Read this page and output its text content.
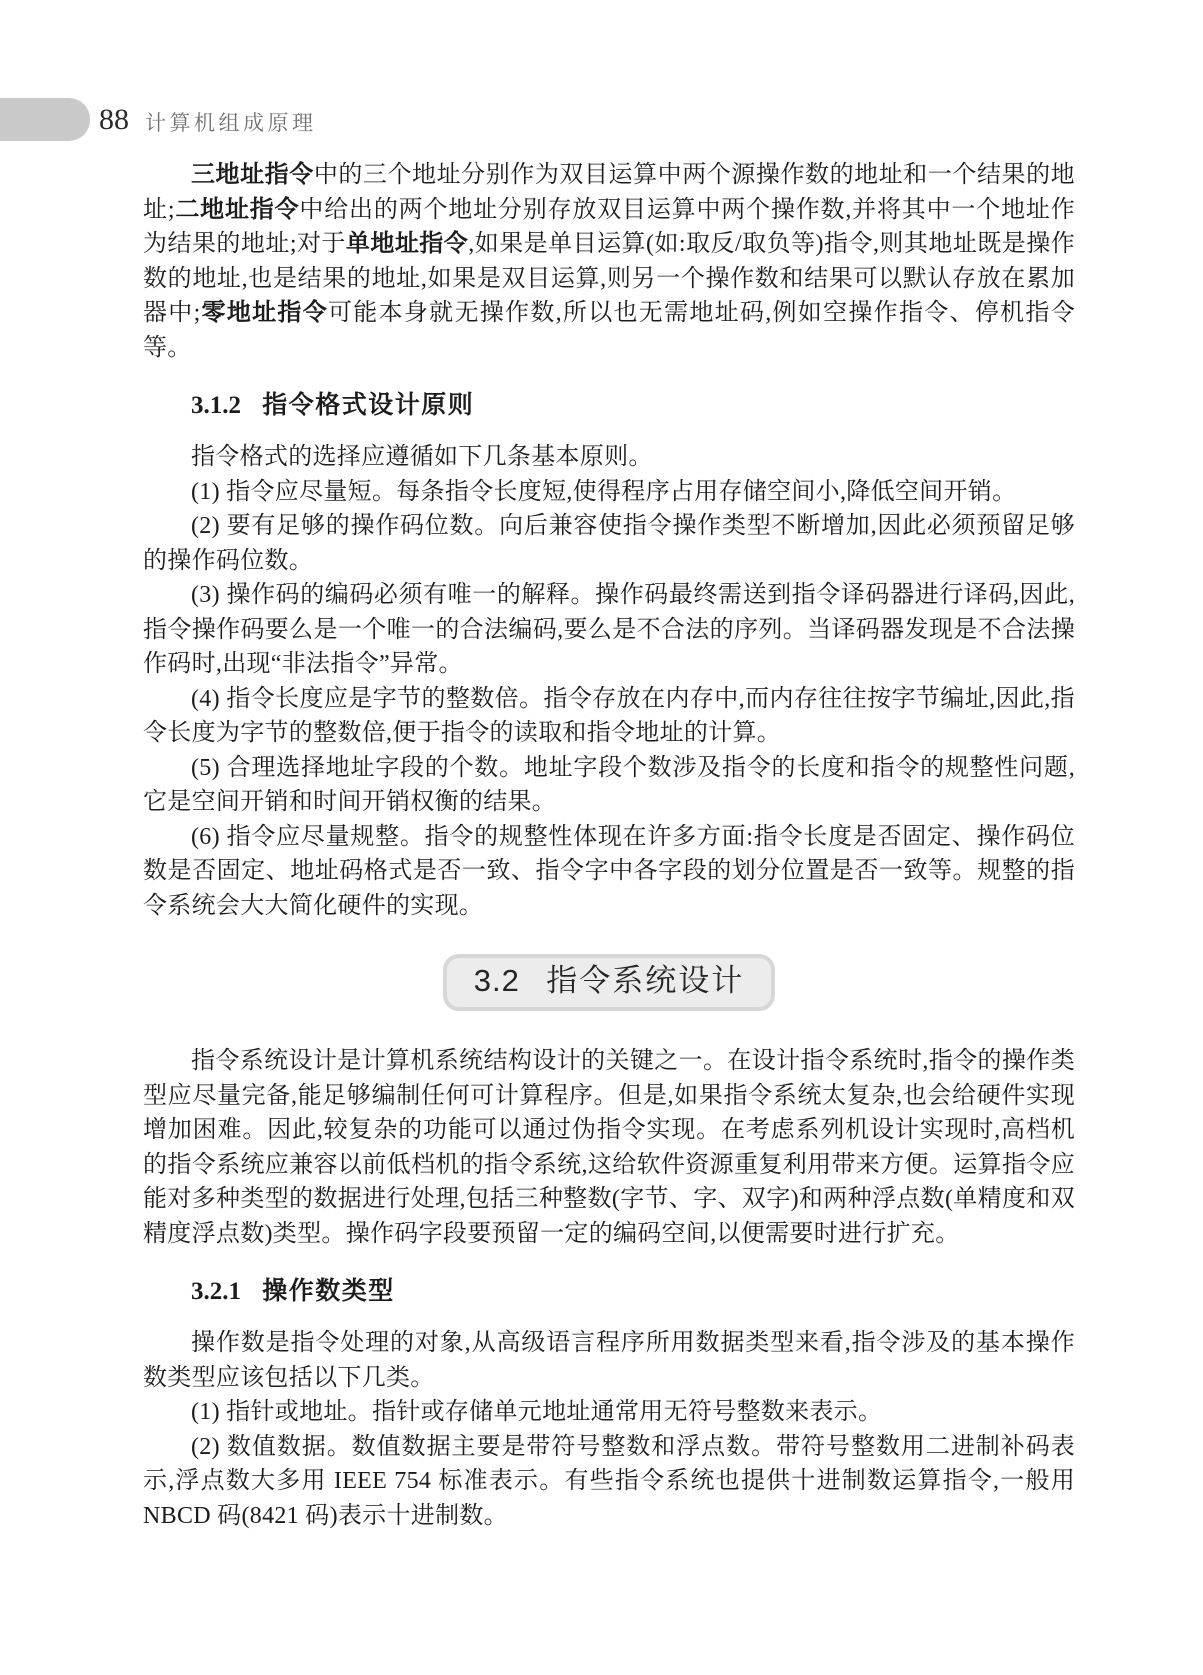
88 计算机组成原理

三地址指令中的三个地址分别作为双目运算中两个源操作数的地址和一个结果的地址;二地址指令中给出的两个地址分别存放双目运算中两个操作数,并将其中一个地址作为结果的地址;对于单地址指令,如果是单目运算(如:取反/取负等)指令,则其地址既是操作数的地址,也是结果的地址,如果是双目运算,则另一个操作数和结果可以默认存放在累加器中;零地址指令可能本身就无操作数,所以也无需地址码,例如空操作指令、停机指令等。

3.1.2 指令格式设计原则

指令格式的选择应遵循如下几条基本原则。

(1) 指令应尽量短。每条指令长度短,使得程序占用存储空间小,降低空间开销。

(2) 要有足够的操作码位数。向后兼容使指令操作类型不断增加,因此必须预留足够的操作码位数。

(3) 操作码的编码必须有唯一的解释。操作码最终需送到指令译码器进行译码,因此,指令操作码要么是一个唯一的合法编码,要么是不合法的序列。当译码器发现是不合法操作码时,出现“非法指令”异常。

(4) 指令长度应是字节的整数倍。指令存放在内存中,而内存往往按字节编址,因此,指令长度为字节的整数倍,便于指令的读取和指令地址的计算。

(5) 合理选择地址字段的个数。地址字段个数涉及指令的长度和指令的规整性问题,它是空间开销和时间开销权衡的结果。

(6) 指令应尽量规整。指令的规整性体现在许多方面:指令长度是否固定、操作码位数是否固定、地址码格式是否一致、指令字中各字段的划分位置是否一致等。规整的指令系统会大大简化硬件的实现。

3.2 指令系统设计

指令系统设计是计算机系统结构设计的关键之一。在设计指令系统时,指令的操作类型应尽量完备,能足够编制任何可计算程序。但是,如果指令系统太复杂,也会给硬件实现增加困难。因此,较复杂的功能可以通过伪指令实现。在考虑系列机设计实现时,高档机的指令系统应兼容以前低档机的指令系统,这给软件资源重复利用带来方便。运算指令应能对多种类型的数据进行处理,包括三种整数(字节、字、双字)和两种浮点数(单精度和双精度浮点数)类型。操作码字段要预留一定的编码空间,以便需要时进行扩充。

3.2.1 操作数类型

操作数是指令处理的对象,从高级语言程序所用数据类型来看,指令涉及的基本操作数类型应该包括以下几类。

(1) 指针或地址。指针或存储单元地址通常用无符号整数来表示。

(2) 数值数据。数值数据主要是带符号整数和浮点数。带符号整数用二进制补码表示,浮点数大多用 IEEE 754 标准表示。有些指令系统也提供十进制数运算指令,一般用 NBCD 码(8421 码)表示十进制数。
